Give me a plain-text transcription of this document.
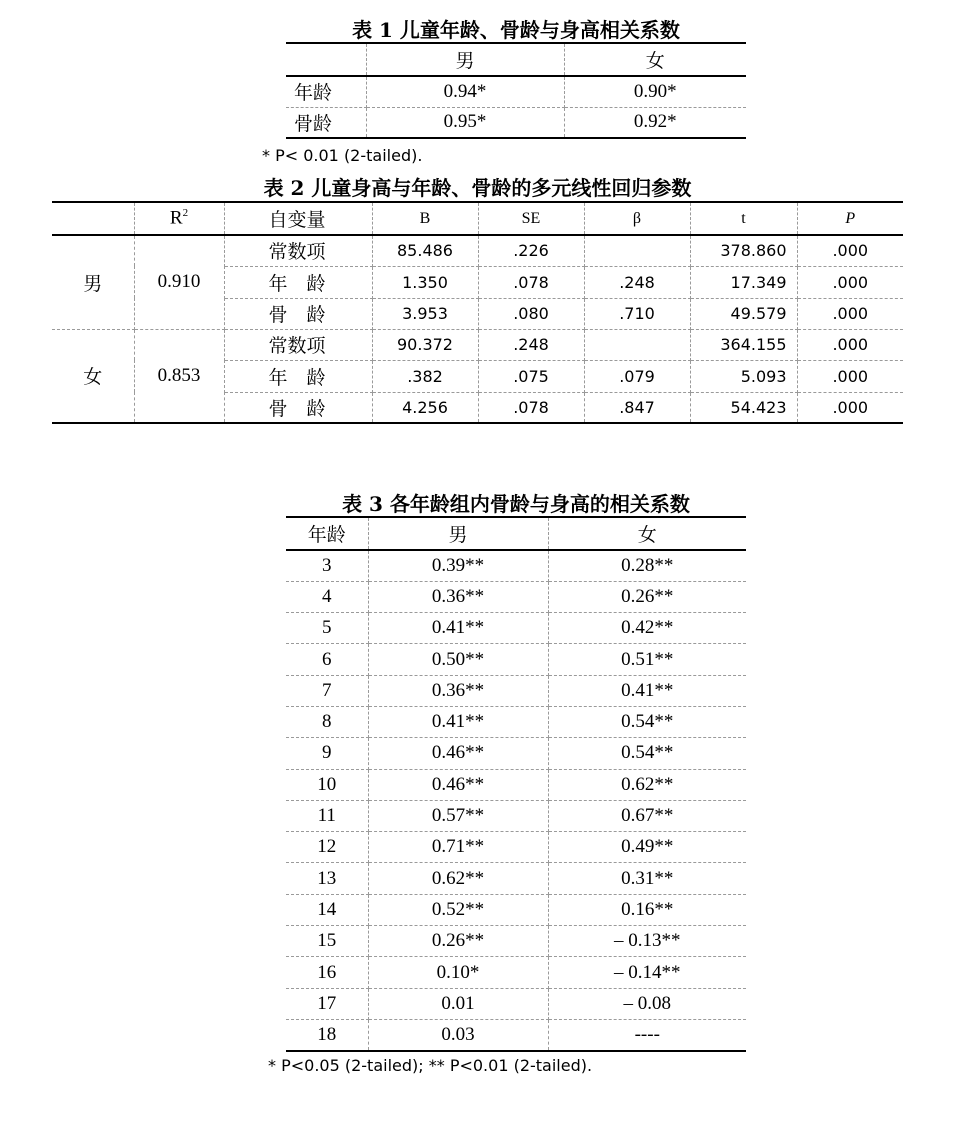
表 1 儿童年龄、骨龄与身高相关系数
	男	女
年龄	0.94*	0.90*
骨龄	0.95*	0.92*
* P< 0.01 (2-tailed).
表 2 儿童身高与年龄、骨龄的多元线性回归参数
	$R^2$	自变量	B	SE	β	t	P
男	0.910	常数项	85.486	.226		378.860	.000
		年　龄	1.350	.078	.248	17.349	.000
		骨　龄	3.953	.080	.710	49.579	.000
女	0.853	常数项	90.372	.248		364.155	.000
		年　龄	.382	.075	.079	5.093	.000
		骨　龄	4.256	.078	.847	54.423	.000
表 3 各年龄组内骨龄与身高的相关系数
年龄	男	女
3	0.39**	0.28**
4	0.36**	0.26**
5	0.41**	0.42**
6	0.50**	0.51**
7	0.36**	0.41**
8	0.41**	0.54**
9	0.46**	0.54**
10	0.46**	0.62**
11	0.57**	0.67**
12	0.71**	0.49**
13	0.62**	0.31**
14	0.52**	0.16**
15	0.26**	– 0.13**
16	0.10*	– 0.14**
17	0.01	– 0.08
18	0.03	----
* P<0.05 (2-tailed); ** P<0.01 (2-tailed).
